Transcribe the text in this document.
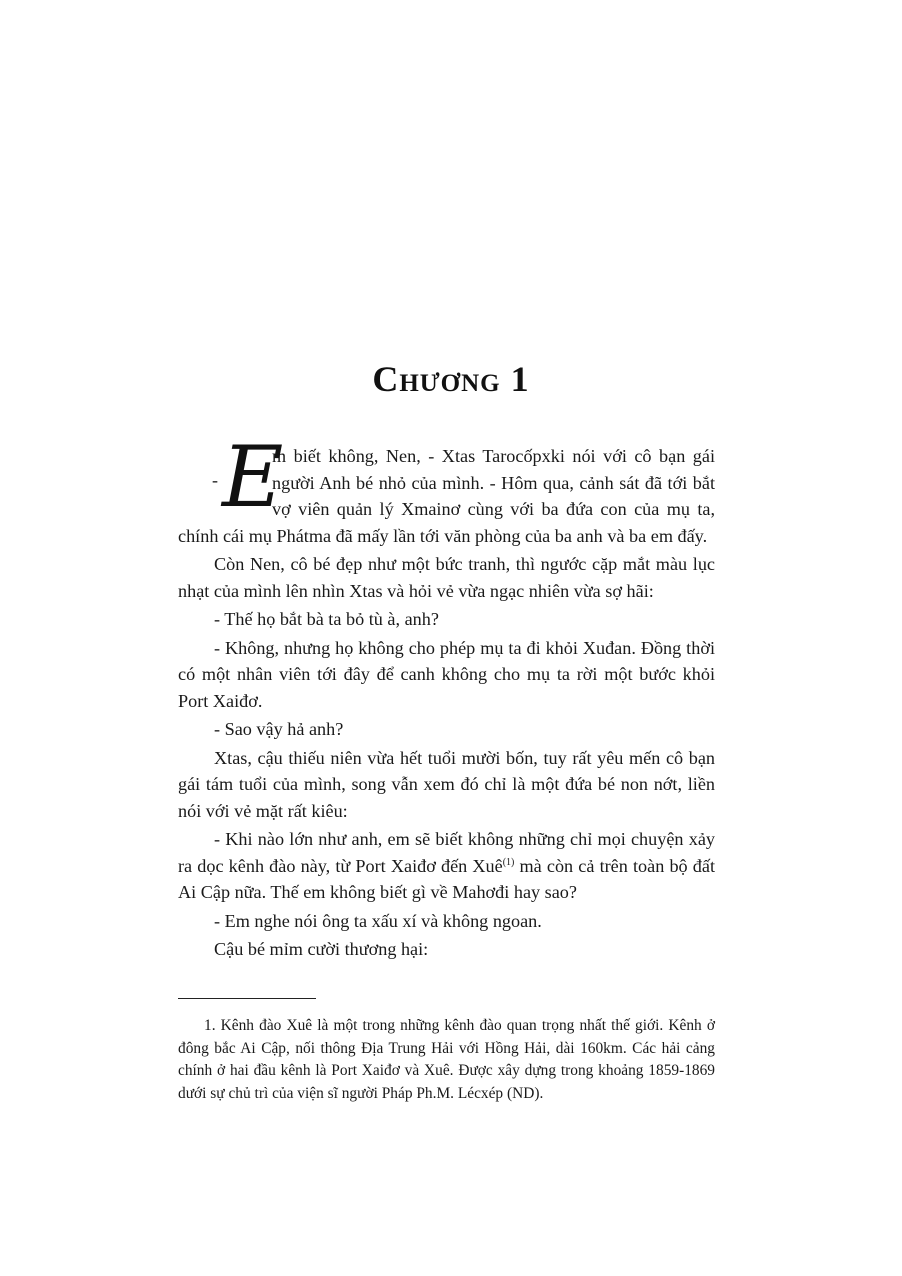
Chương 1

- E
m biết không, Nen, - Xtas Tarocốpxki nói với cô bạn gái người Anh bé nhỏ của mình. - Hôm qua, cảnh sát đã tới bắt vợ viên quản lý Xmainơ cùng với ba đứa con của mụ ta, chính cái mụ Phátma đã mấy lần tới văn phòng của ba anh và ba em đấy.

Còn Nen, cô bé đẹp như một bức tranh, thì ngước cặp mắt màu lục nhạt của mình lên nhìn Xtas và hỏi vẻ vừa ngạc nhiên vừa sợ hãi:

- Thế họ bắt bà ta bỏ tù à, anh?

- Không, nhưng họ không cho phép mụ ta đi khỏi Xuđan. Đồng thời có một nhân viên tới đây để canh không cho mụ ta rời một bước khỏi Port Xaiđơ.

- Sao vậy hả anh?

Xtas, cậu thiếu niên vừa hết tuổi mười bốn, tuy rất yêu mến cô bạn gái tám tuổi của mình, song vẫn xem đó chỉ là một đứa bé non nớt, liền nói với vẻ mặt rất kiêu:

- Khi nào lớn như anh, em sẽ biết không những chỉ mọi chuyện xảy ra dọc kênh đào này, từ Port Xaiđơ đến Xuê$^{(1)}$ mà còn cả trên toàn bộ đất Ai Cập nữa. Thế em không biết gì về Mahơđi hay sao?

- Em nghe nói ông ta xấu xí và không ngoan.

Cậu bé mỉm cười thương hại:

1. Kênh đào Xuê là một trong những kênh đào quan trọng nhất thế giới. Kênh ở đông bắc Ai Cập, nối thông Địa Trung Hải với Hồng Hải, dài 160km. Các hải cảng chính ở hai đầu kênh là Port Xaiđơ và Xuê. Được xây dựng trong khoảng 1859-1869 dưới sự chủ trì của viện sĩ người Pháp Ph.M. Lécxép (ND).
